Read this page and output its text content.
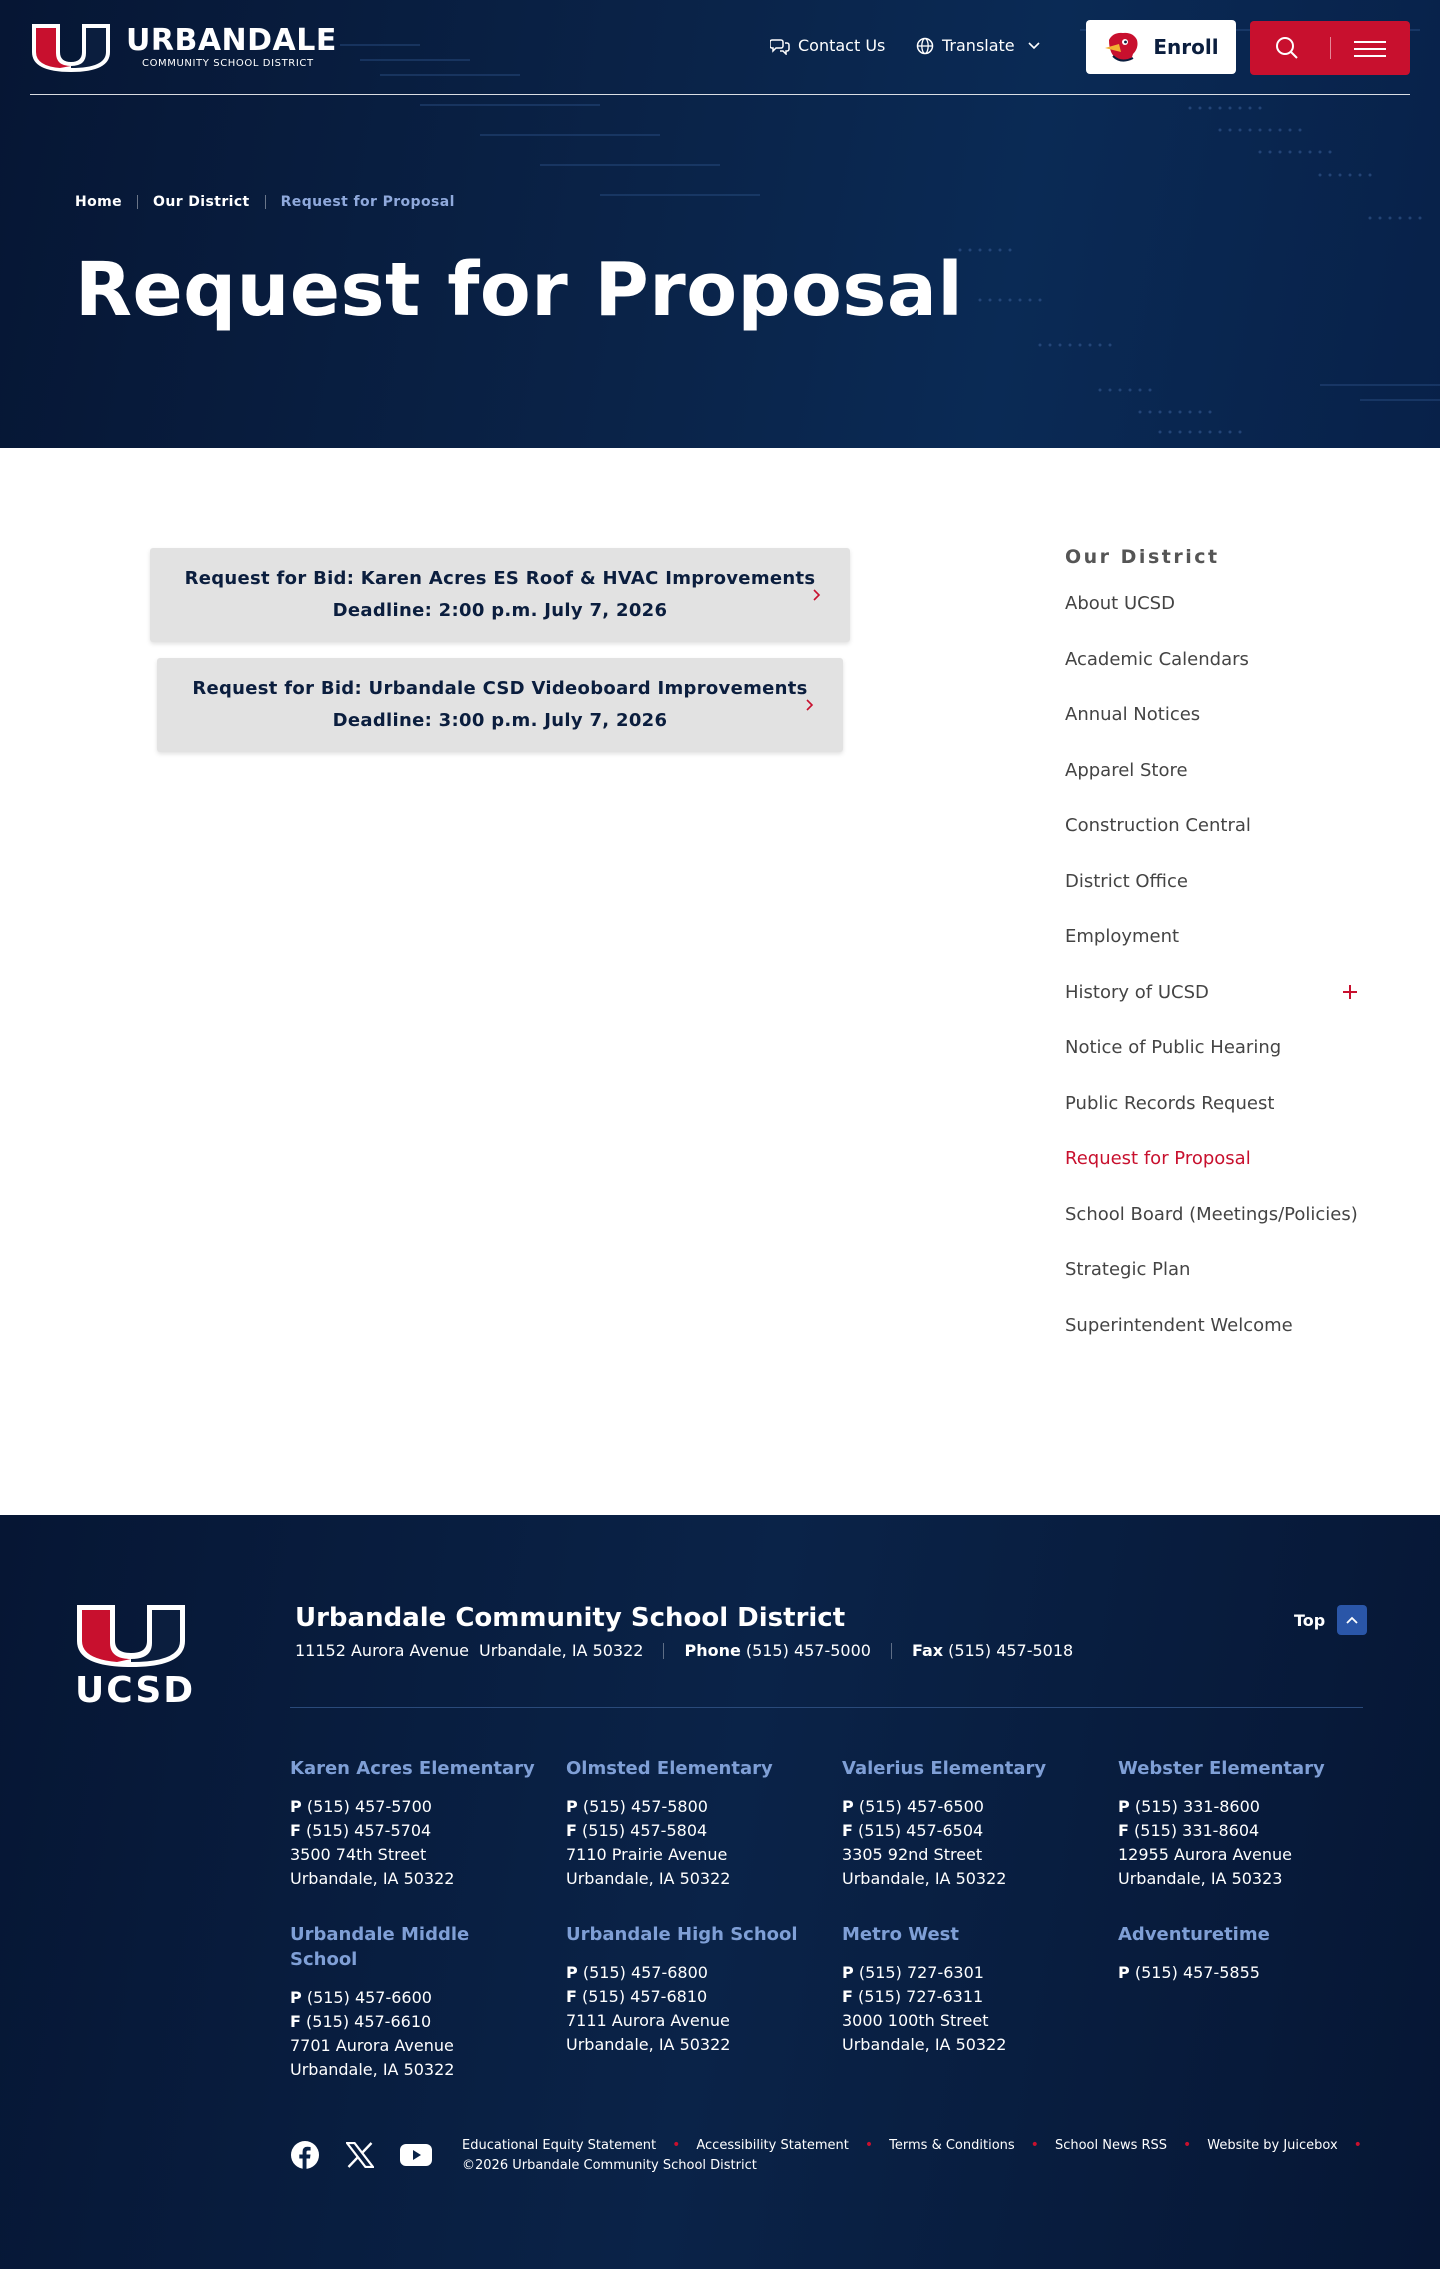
URBANDALE
COMMUNITY SCHOOL DISTRICT
Contact Us	Translate	Enroll
Home Our District Request for Proposal
Request for Proposal
Request for Bid: Karen Acres ES Roof & HVAC Improvements
Deadline: 2:00 p.m. July 7, 2026
Request for Bid: Urbandale CSD Videoboard Improvements
Deadline: 3:00 p.m. July 7, 2026
Our District
About UCSD
Academic Calendars
Annual Notices
Apparel Store
Construction Central
District Office
Employment
History of UCSD
Notice of Public Hearing
Public Records Request
Request for Proposal
School Board (Meetings/Policies)
Strategic Plan
Superintendent Welcome
UCSD
Urbandale Community School District
11152 Aurora Avenue Urbandale, IA 50322	Phone (515) 457-5000	Fax (515) 457-5018
Top
Karen Acres Elementary
P (515) 457-5700
F (515) 457-5704
3500 74th Street
Urbandale, IA 50322
Olmsted Elementary
P (515) 457-5800
F (515) 457-5804
7110 Prairie Avenue
Urbandale, IA 50322
Valerius Elementary
P (515) 457-6500
F (515) 457-6504
3305 92nd Street
Urbandale, IA 50322
Webster Elementary
P (515) 331-8600
F (515) 331-8604
12955 Aurora Avenue
Urbandale, IA 50323
Urbandale Middle School
P (515) 457-6600
F (515) 457-6610
7701 Aurora Avenue
Urbandale, IA 50322
Urbandale High School
P (515) 457-6800
F (515) 457-6810
7111 Aurora Avenue
Urbandale, IA 50322
Metro West
P (515) 727-6301
F (515) 727-6311
3000 100th Street
Urbandale, IA 50322
Adventuretime
P (515) 457-5855
Educational Equity Statement • Accessibility Statement • Terms & Conditions • School News RSS • Website by Juicebox •
©2026 Urbandale Community School District
